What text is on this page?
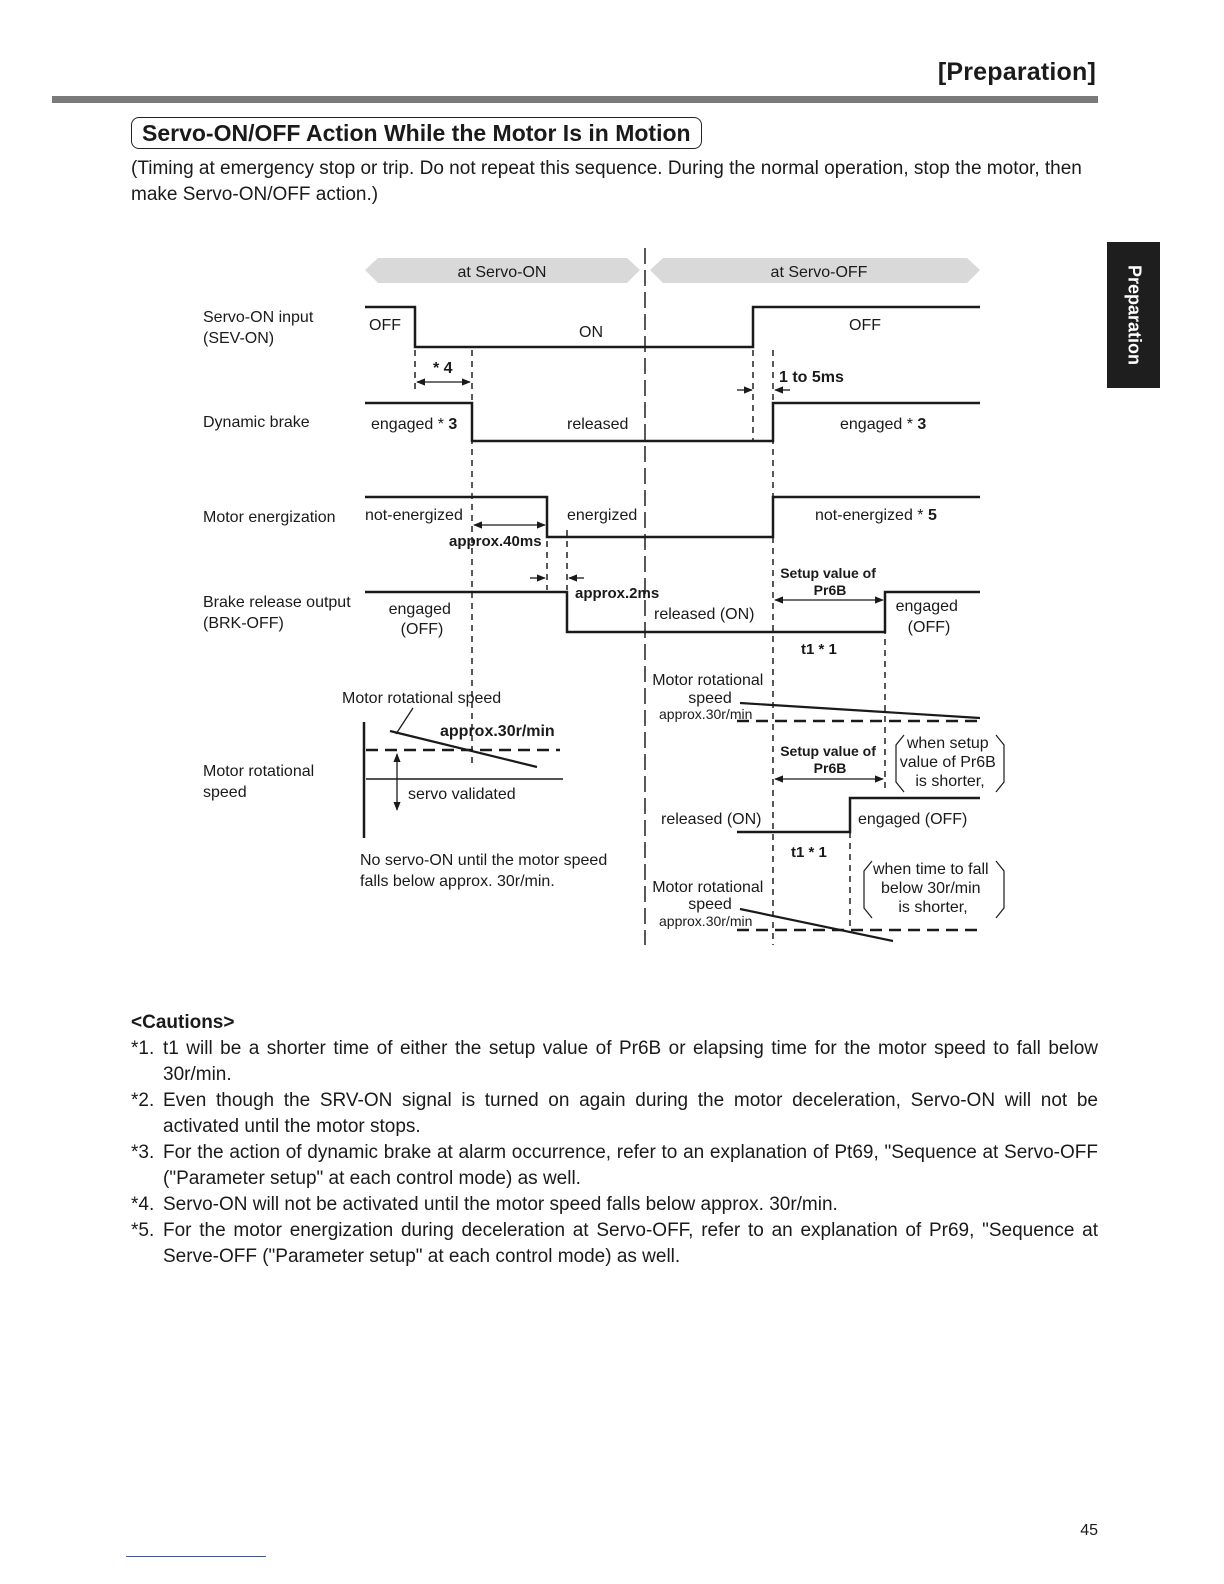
[Preparation]
Preparation
Servo-ON/OFF Action While the Motor Is in Motion
(Timing at emergency stop or trip. Do not repeat this sequence. During the normal operation, stop the motor, then make Servo-ON/OFF action.)
at Servo-ON	at Servo-OFF
Servo-ON input (SEV-ON)
Dynamic brake
Motor energization
Brake release output (BRK-OFF)
Motor rotational speed
OFF	ON	OFF
* 4
1 to 5ms
engaged * 3	released	engaged * 3
not-energized	energized	not-energized * 5
approx.40ms
approx.2ms
Setup value of Pr6B
engaged (OFF)
released (ON)	engaged (OFF)
t1 * 1
Motor rotational speed
approx.30r/min
servo validated
No servo-ON until the motor speed falls below approx. 30r/min.
Motor rotational speed
approx.30r/min
Setup value of Pr6B
when setup value of Pr6B is shorter,
released (ON)	engaged (OFF)
t1 * 1
when time to fall below 30r/min is shorter,
Motor rotational speed
approx.30r/min
<Cautions>
*1. t1 will be a shorter time of either the setup value of Pr6B or elapsing time for the motor speed to fall below 30r/min.
*2. Even though the SRV-ON signal is turned on again during the motor deceleration, Servo-ON will not be activated until the motor stops.
*3. For the action of dynamic brake at alarm occurrence, refer to an explanation of Pt69, "Sequence at Servo-OFF ("Parameter setup" at each control mode) as well.
*4. Servo-ON will not be activated until the motor speed falls below approx. 30r/min.
*5. For the motor energization during deceleration at Servo-OFF, refer to an explanation of Pr69, "Sequence at Serve-OFF ("Parameter setup" at each control mode) as well.
45
